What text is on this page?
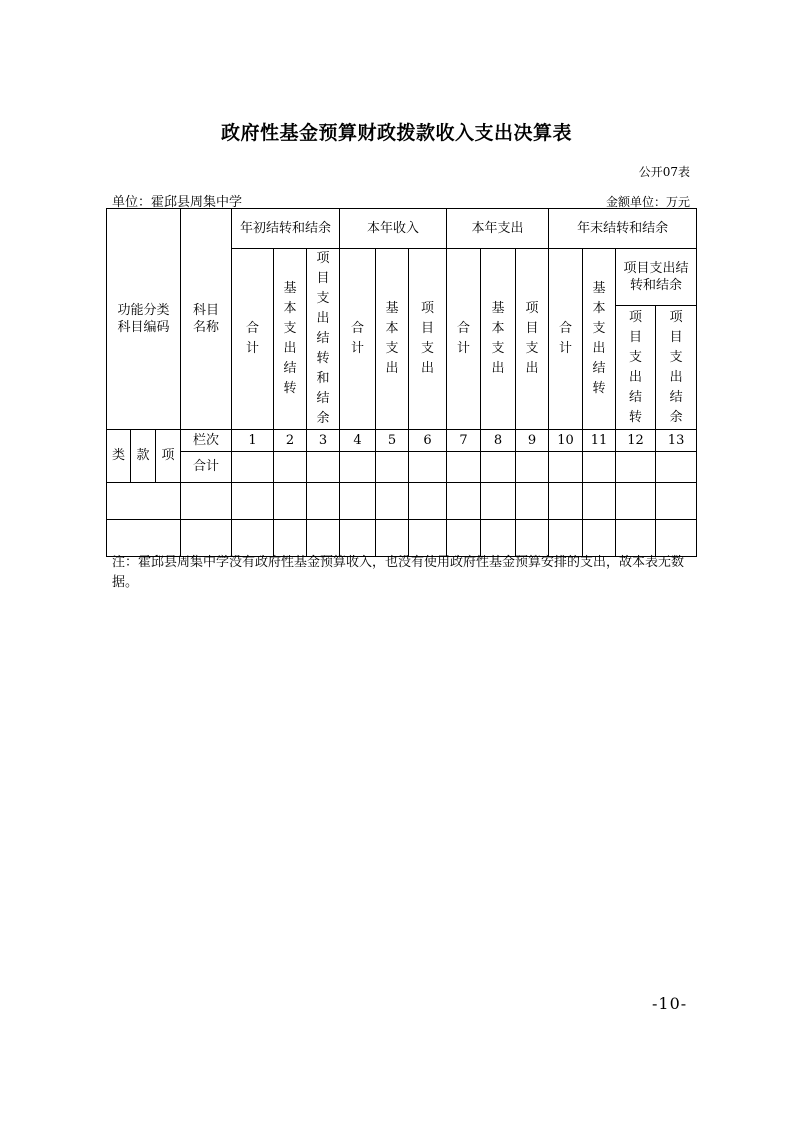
政府性基金预算财政拨款收入支出决算表
公开07表
单位：霍邱县周集中学	金额单位：万元
功能分类科目编码			科目名称	年初结转和结余			本年收入			本年支出			年末结转和结余			
				合计	基本支出结转	项目支出结转和结余	合计	基本支出	项目支出	合计	基本支出	项目支出	合计	基本支出结转	项目支出结转和结余	

															项目支出结转	项目支出结余
类	款	项	栏次	1	2	3	4	5	6	7	8	9	10	11	12	13
			合计													

注：霍邱县周集中学没有政府性基金预算收入，也没有使用政府性基金预算安排的支出，故本表无数据。
-10-
